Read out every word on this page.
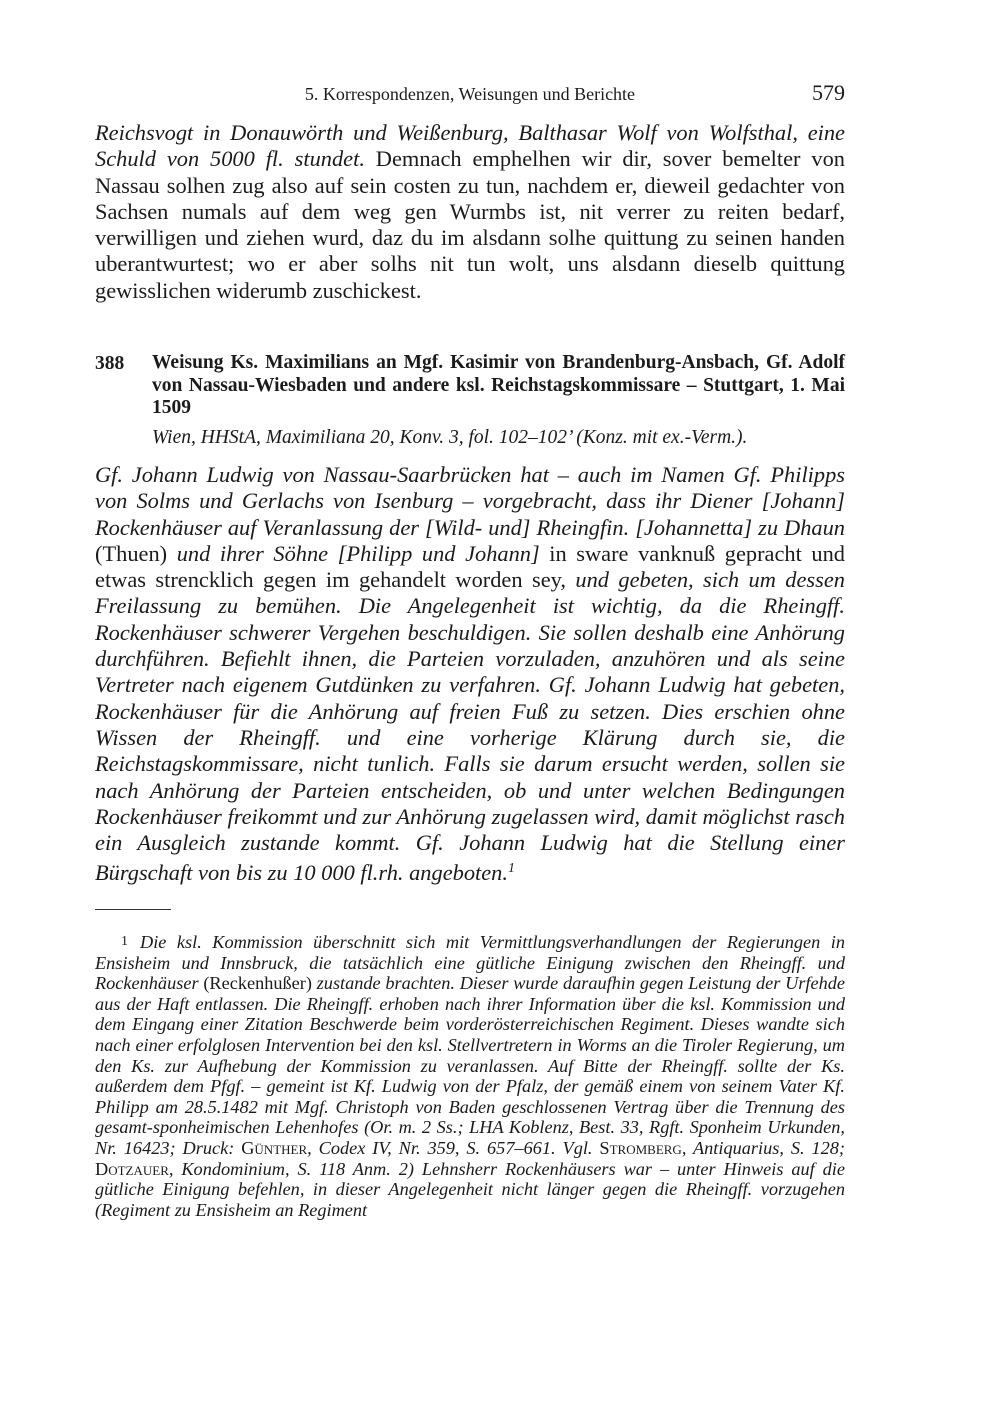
5. Korrespondenzen, Weisungen und Berichte	579

Reichsvogt in Donauwörth und Weißenburg, Balthasar Wolf von Wolfsthal, eine Schuld von 5000 fl. stundet. Demnach emphelhen wir dir, sover bemelter von Nassau solhen zug also auf sein costen zu tun, nachdem er, dieweil gedachter von Sachsen numals auf dem weg gen Wurmbs ist, nit verrer zu reiten bedarf, verwilligen und ziehen wurd, daz du im alsdann solhe quittung zu seinen handen uberantwurtest; wo er aber solhs nit tun wolt, uns alsdann dieselb quittung gewisslichen widerumb zuschickest.

388 Weisung Ks. Maximilians an Mgf. Kasimir von Brandenburg-Ansbach, Gf. Adolf von Nassau-Wiesbaden und andere ksl. Reichstagskommissare – Stuttgart, 1. Mai 1509

Wien, HHStA, Maximiliana 20, Konv. 3, fol. 102–102’ (Konz. mit ex.-Verm.).

Gf. Johann Ludwig von Nassau-Saarbrücken hat – auch im Namen Gf. Philipps von Solms und Gerlachs von Isenburg – vorgebracht, dass ihr Diener [Johann] Rockenhäuser auf Veranlassung der [Wild- und] Rheingfin. [Johannetta] zu Dhaun (Thuen) und ihrer Söhne [Philipp und Johann] in sware vanknuß gepracht und etwas strencklich gegen im gehandelt worden sey, und gebeten, sich um dessen Freilassung zu bemühen. Die Angelegenheit ist wichtig, da die Rheingff. Rockenhäuser schwerer Vergehen beschuldigen. Sie sollen deshalb eine Anhörung durchführen. Befiehlt ihnen, die Parteien vorzuladen, anzuhören und als seine Vertreter nach eigenem Gutdünken zu verfahren. Gf. Johann Ludwig hat gebeten, Rockenhäuser für die Anhörung auf freien Fuß zu setzen. Dies erschien ohne Wissen der Rheingff. und eine vorherige Klärung durch sie, die Reichstagskommissare, nicht tunlich. Falls sie darum ersucht werden, sollen sie nach Anhörung der Parteien entscheiden, ob und unter welchen Bedingungen Rockenhäuser freikommt und zur Anhörung zugelassen wird, damit möglichst rasch ein Ausgleich zustande kommt. Gf. Johann Ludwig hat die Stellung einer Bürgschaft von bis zu 10 000 fl.rh. angeboten.$^1$

1 Die ksl. Kommission überschnitt sich mit Vermittlungsverhandlungen der Regierungen in Ensisheim und Innsbruck, die tatsächlich eine gütliche Einigung zwischen den Rheingff. und Rockenhäuser (Reckenhußer) zustande brachten. Dieser wurde daraufhin gegen Leistung der Urfehde aus der Haft entlassen. Die Rheingff. erhoben nach ihrer Information über die ksl. Kommission und dem Eingang einer Zitation Beschwerde beim vorderösterreichischen Regiment. Dieses wandte sich nach einer erfolglosen Intervention bei den ksl. Stellvertretern in Worms an die Tiroler Regierung, um den Ks. zur Aufhebung der Kommission zu veranlassen. Auf Bitte der Rheingff. sollte der Ks. außerdem dem Pfgf. – gemeint ist Kf. Ludwig von der Pfalz, der gemäß einem von seinem Vater Kf. Philipp am 28.5.1482 mit Mgf. Christoph von Baden geschlossenen Vertrag über die Trennung des gesamt-sponheimischen Lehenhofes (Or. m. 2 Ss.; LHA Koblenz, Best. 33, Rgft. Sponheim Urkunden, Nr. 16423; Druck: Günther, Codex IV, Nr. 359, S. 657–661. Vgl. Stromberg, Antiquarius, S. 128; Dotzauer, Kondominium, S. 118 Anm. 2) Lehnsherr Rockenhäusers war – unter Hinweis auf die gütliche Einigung befehlen, in dieser Angelegenheit nicht länger gegen die Rheingff. vorzugehen (Regiment zu Ensisheim an Regiment
